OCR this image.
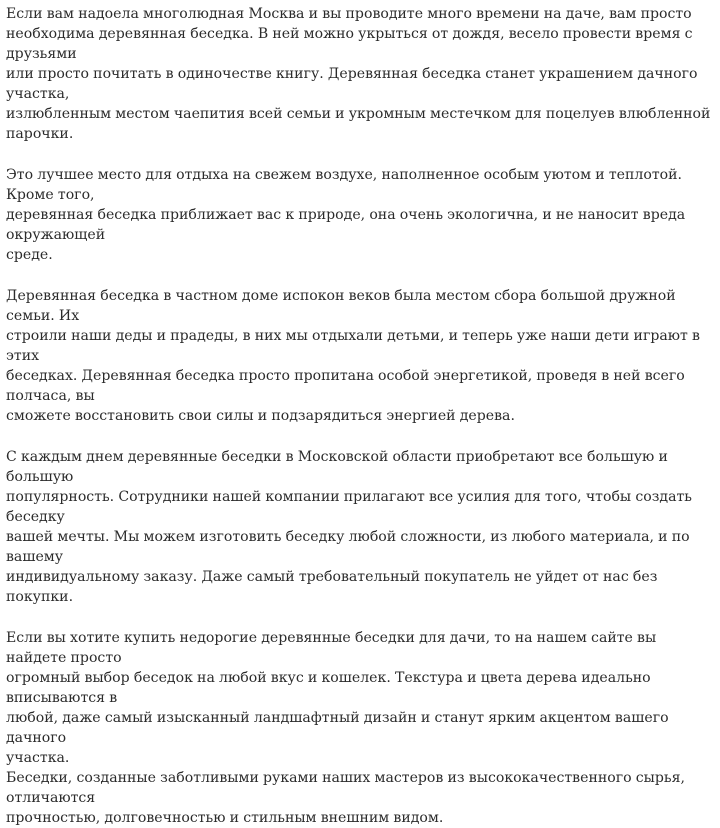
Если вам надоела многолюдная Москва и вы проводите много времени на даче, вам просто
необходима деревянная беседка. В ней можно укрыться от дождя, весело провести время с друзьями
или просто почитать в одиночестве книгу. Деревянная беседка станет украшением дачного участка,
излюбленным местом чаепития всей семьи и укромным местечком для поцелуев влюбленной
парочки.

Это лучшее место для отдыха на свежем воздухе, наполненное особым уютом и теплотой. Кроме того,
деревянная беседка приближает вас к природе, она очень экологична, и не наносит вреда окружающей
среде.

Деревянная беседка в частном доме испокон веков была местом сбора большой дружной семьи. Их
строили наши деды и прадеды, в них мы отдыхали детьми, и теперь уже наши дети играют в этих
беседках. Деревянная беседка просто пропитана особой энергетикой, проведя в ней всего полчаса, вы
сможете восстановить свои силы и подзарядиться энергией дерева.

С каждым днем деревянные беседки в Московской области приобретают все большую и большую
популярность. Сотрудники нашей компании прилагают все усилия для того, чтобы создать беседку
вашей мечты. Мы можем изготовить беседку любой сложности, из любого материала, и по вашему
индивидуальному заказу. Даже самый требовательный покупатель не уйдет от нас без покупки.

Если вы хотите купить недорогие деревянные беседки для дачи, то на нашем сайте вы найдете просто
огромный выбор беседок на любой вкус и кошелек. Текстура и цвета дерева идеально вписываются в
любой, даже самый изысканный ландшафтный дизайн и станут ярким акцентом вашего дачного
участка.

Беседки, созданные заботливыми руками наших мастеров из высококачественного сырья, отличаются
прочностью, долговечностью и стильным внешним видом.
